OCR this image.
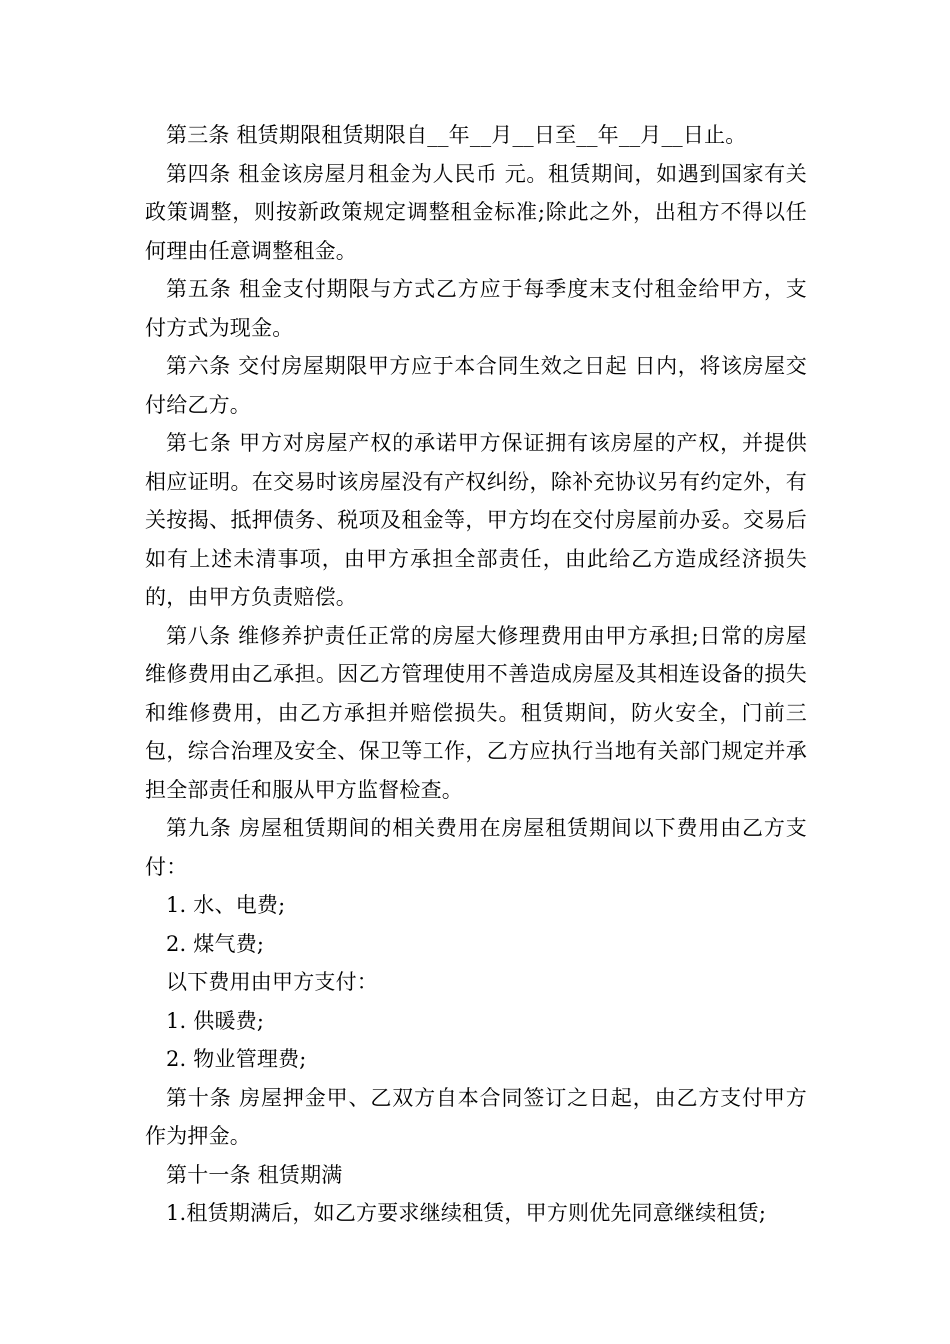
第三条 租赁期限租赁期限自__年__月__日至__年__月__日止。

第四条 租金该房屋月租金为人民币 元。租赁期间，如遇到国家有关政策调整，则按新政策规定调整租金标准;除此之外，出租方不得以任何理由任意调整租金。

第五条 租金支付期限与方式乙方应于每季度末支付租金给甲方，支付方式为现金。

第六条 交付房屋期限甲方应于本合同生效之日起 日内，将该房屋交付给乙方。

第七条 甲方对房屋产权的承诺甲方保证拥有该房屋的产权，并提供相应证明。在交易时该房屋没有产权纠纷，除补充协议另有约定外，有关按揭、抵押债务、税项及租金等，甲方均在交付房屋前办妥。交易后如有上述未清事项，由甲方承担全部责任，由此给乙方造成经济损失的，由甲方负责赔偿。

第八条 维修养护责任正常的房屋大修理费用由甲方承担;日常的房屋维修费用由乙承担。因乙方管理使用不善造成房屋及其相连设备的损失和维修费用，由乙方承担并赔偿损失。租赁期间，防火安全，门前三包，综合治理及安全、保卫等工作，乙方应执行当地有关部门规定并承担全部责任和服从甲方监督检查。

第九条 房屋租赁期间的相关费用在房屋租赁期间以下费用由乙方支付：

1. 水、电费;

2. 煤气费;

以下费用由甲方支付：

1. 供暖费;

2. 物业管理费;

第十条 房屋押金甲、乙双方自本合同签订之日起，由乙方支付甲方作为押金。

第十一条 租赁期满

1.租赁期满后，如乙方要求继续租赁，甲方则优先同意继续租赁;
